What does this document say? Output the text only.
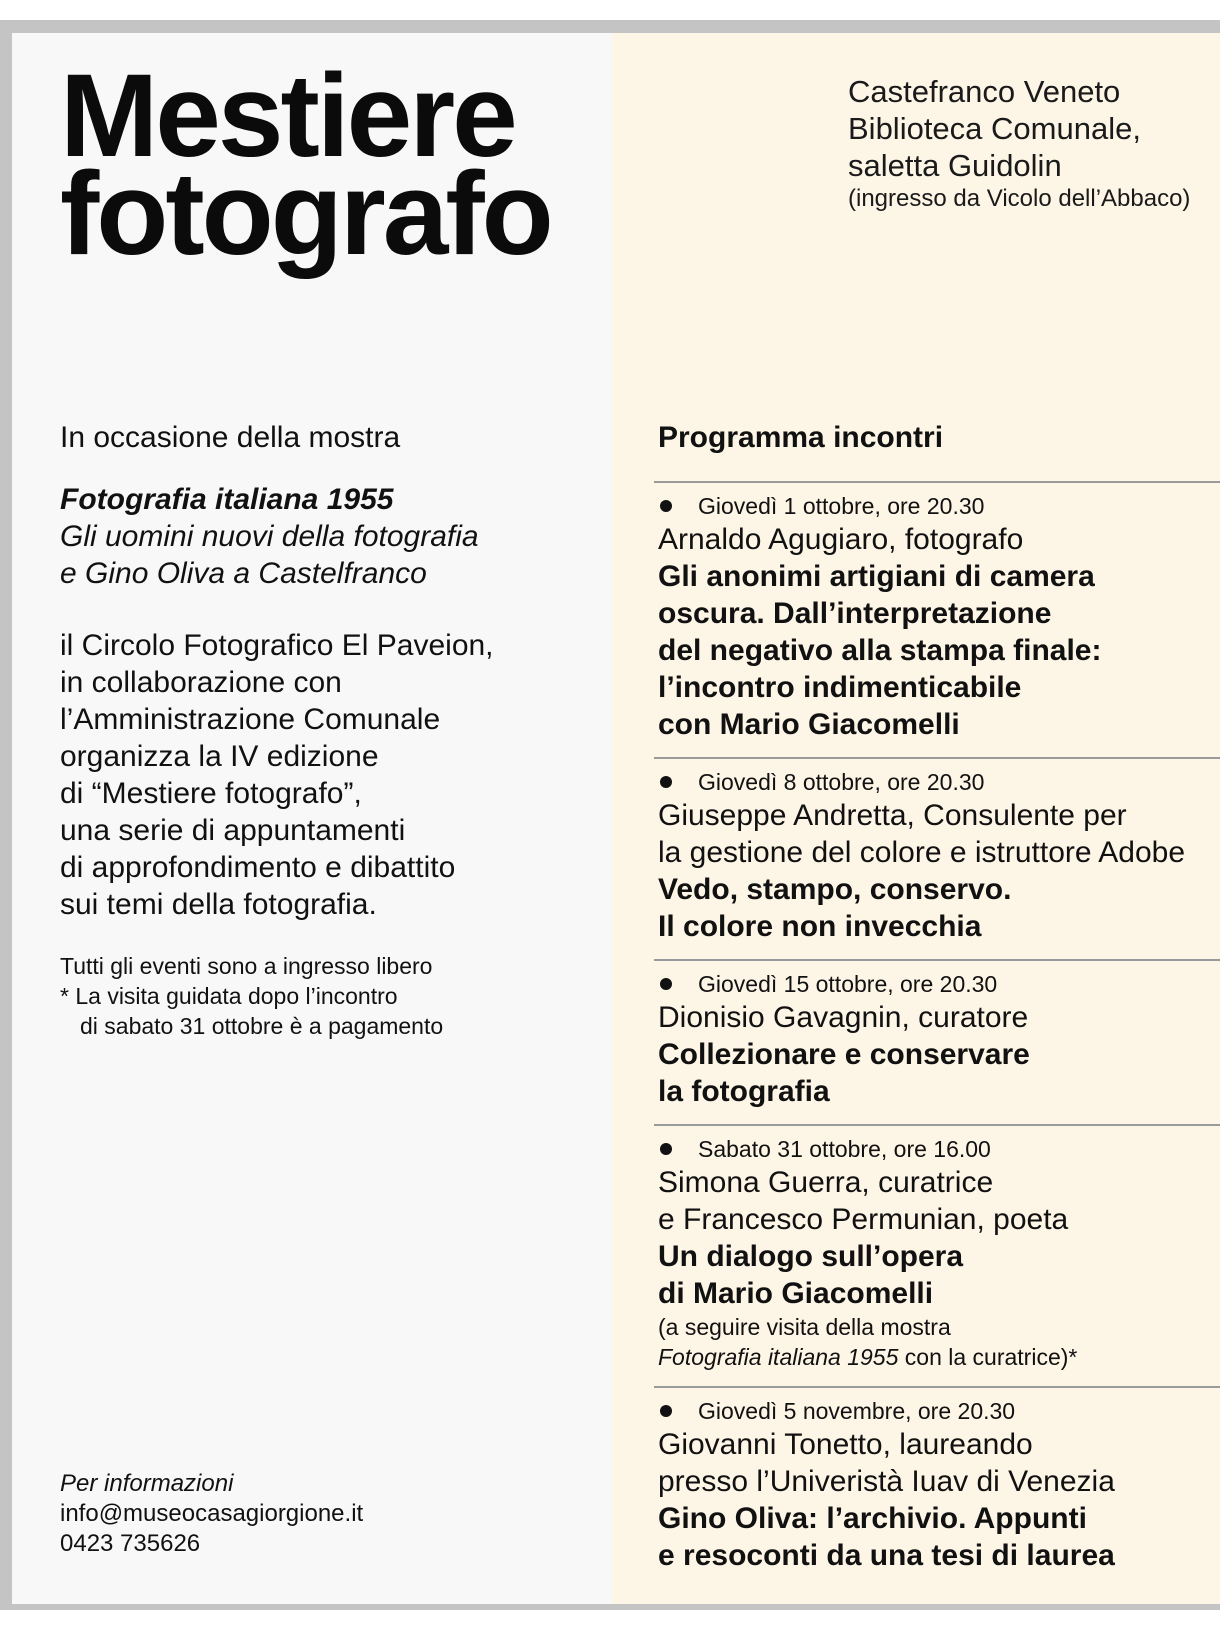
Mestiere
fotografo
Castefranco Veneto
Biblioteca Comunale,
saletta Guidolin
(ingresso da Vicolo dell’Abbaco)
In occasione della mostra
Fotografia italiana 1955
Gli uomini nuovi della fotografia
e Gino Oliva a Castelfranco
il Circolo Fotografico El Paveion,
in collaborazione con
l’Amministrazione Comunale
organizza la IV edizione
di “Mestiere fotografo”,
una serie di appuntamenti
di approfondimento e dibattito
sui temi della fotografia.
Tutti gli eventi sono a ingresso libero
* La visita guidata dopo l’incontro
di sabato 31 ottobre è a pagamento
Per informazioni
info@museocasagiorgione.it
0423 735626
Programma incontri
Giovedì 1 ottobre, ore 20.30
Arnaldo Agugiaro, fotografo
Gli anonimi artigiani di camera
oscura. Dall’interpretazione
del negativo alla stampa finale:
l’incontro indimenticabile
con Mario Giacomelli
Giovedì 8 ottobre, ore 20.30
Giuseppe Andretta, Consulente per
la gestione del colore e istruttore Adobe
Vedo, stampo, conservo.
Il colore non invecchia
Giovedì 15 ottobre, ore 20.30
Dionisio Gavagnin, curatore
Collezionare e conservare
la fotografia
Sabato 31 ottobre, ore 16.00
Simona Guerra, curatrice
e Francesco Permunian, poeta
Un dialogo sull’opera
di Mario Giacomelli
(a seguire visita della mostra
Fotografia italiana 1955 con la curatrice)*
Giovedì 5 novembre, ore 20.30
Giovanni Tonetto, laureando
presso l’Univeristà Iuav di Venezia
Gino Oliva: l’archivio. Appunti
e resoconti da una tesi di laurea
